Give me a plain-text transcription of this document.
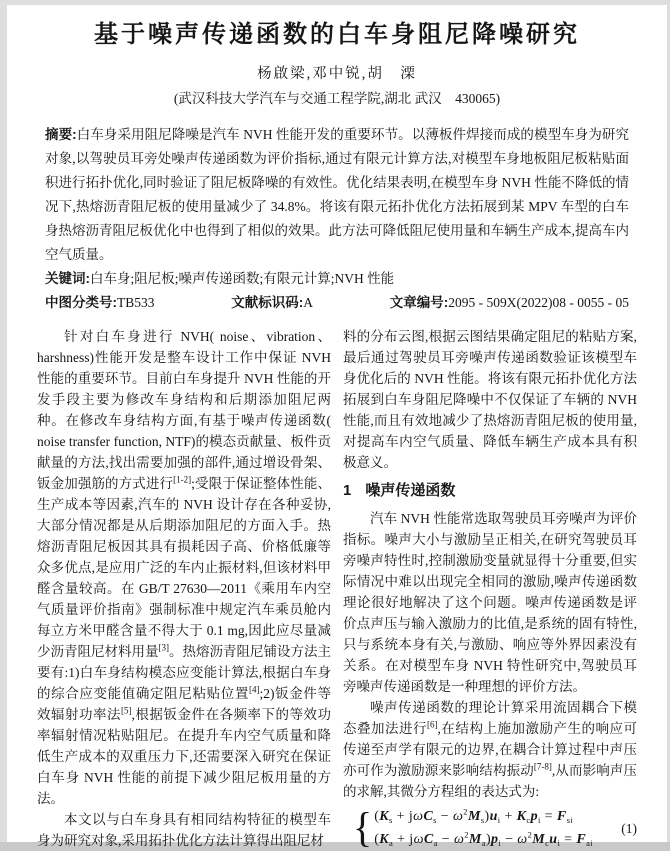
基于噪声传递函数的白车身阻尼降噪研究
杨啟梁,邓中锐,胡　溧
(武汉科技大学汽车与交通工程学院,湖北 武汉　430065)
摘要:白车身采用阻尼降噪是汽车 NVH 性能开发的重要环节。以薄板件焊接而成的模型车身为研究对象,以驾驶员耳旁处噪声传递函数为评价指标,通过有限元计算方法,对模型车身地板阻尼板粘贴面积进行拓扑优化,同时验证了阻尼板降噪的有效性。优化结果表明,在模型车身 NVH 性能不降低的情况下,热熔沥青阻尼板的使用量减少了 34.8%。将该有限元拓扑优化方法拓展到某 MPV 车型的白车身热熔沥青阻尼板优化中也得到了相似的效果。此方法可降低阻尼使用量和车辆生产成本,提高车内空气质量。
关键词:白车身;阻尼板;噪声传递函数;有限元计算;NVH 性能
中图分类号:TB533	文献标识码:A	文章编号:2095 - 509X(2022)08 - 0055 - 05

针对白车身进行 NVH( noise、vibration、harshness)性能开发是整车设计工作中保证 NVH 性能的重要环节。目前白车身提升 NVH 性能的开发手段主要为修改车身结构和后期添加阻尼两种。在修改车身结构方面,有基于噪声传递函数( noise transfer function, NTF)的模态贡献量、板件贡献量的方法,找出需要加强的部件,通过增设骨架、钣金加强筋的方式进行[1-2];受限于保证整体性能、生产成本等因素,汽车的 NVH 设计存在各种妥协,大部分情况都是从后期添加阻尼的方面入手。热熔沥青阻尼板因其具有损耗因子高、价格低廉等众多优点,是应用广泛的车内止振材料,但该材料甲醛含量较高。在 GB/T 27630—2011《乘用车内空气质量评价指南》强制标准中规定汽车乘员舱内每立方米甲醛含量不得大于 0.1 mg,因此应尽量减少沥青阻尼材料用量[3]。热熔沥青阻尼铺设方法主要有:1)白车身结构模态应变能计算法,根据白车身的综合应变能值确定阻尼粘贴位置[4];2)钣金件等效辐射功率法[5],根据钣金件在各频率下的等效功率辐射情况粘贴阻尼。在提升车内空气质量和降低生产成本的双重压力下,还需要深入研究在保证白车身 NVH 性能的前提下减少阻尼板用量的方法。

本文以与白车身具有相同结构特征的模型车身为研究对象,采用拓扑优化方法计算得出阻尼材

料的分布云图,根据云图结果确定阻尼的粘贴方案,最后通过驾驶员耳旁噪声传递函数验证该模型车身优化后的 NVH 性能。将该有限元拓扑优化方法拓展到白车身阻尼降噪中不仅保证了车辆的 NVH 性能,而且有效地减少了热熔沥青阻尼板的使用量,对提高车内空气质量、降低车辆生产成本具有积极意义。

1 噪声传递函数

汽车 NVH 性能常选取驾驶员耳旁噪声为评价指标。噪声大小与激励呈正相关,在研究驾驶员耳旁噪声特性时,控制激励变量就显得十分重要,但实际情况中难以出现完全相同的激励,噪声传递函数理论很好地解决了这个问题。噪声传递函数是评价点声压与输入激励力的比值,是系统的固有特性,只与系统本身有关,与激励、响应等外界因素没有关系。在对模型车身 NVH 特性研究中,驾驶员耳旁噪声传递函数是一种理想的评价方法。

噪声传递函数的理论计算采用流固耦合下模态叠加法进行[6],在结构上施加激励产生的响应可传递至声学有限元的边界,在耦合计算过程中声压亦可作为激励源来影响结构振动[7-8],从而影响声压的求解,其微分方程组的表达式为:

{ $(K_s + j\omega C_s - \omega^2M_s)u_i + K_cp_i = F_{si}$
$(K_a + j\omega C_a - \omega^2M_a)p_i - \omega^2M_cu_i = F_{ai}$
(1)
